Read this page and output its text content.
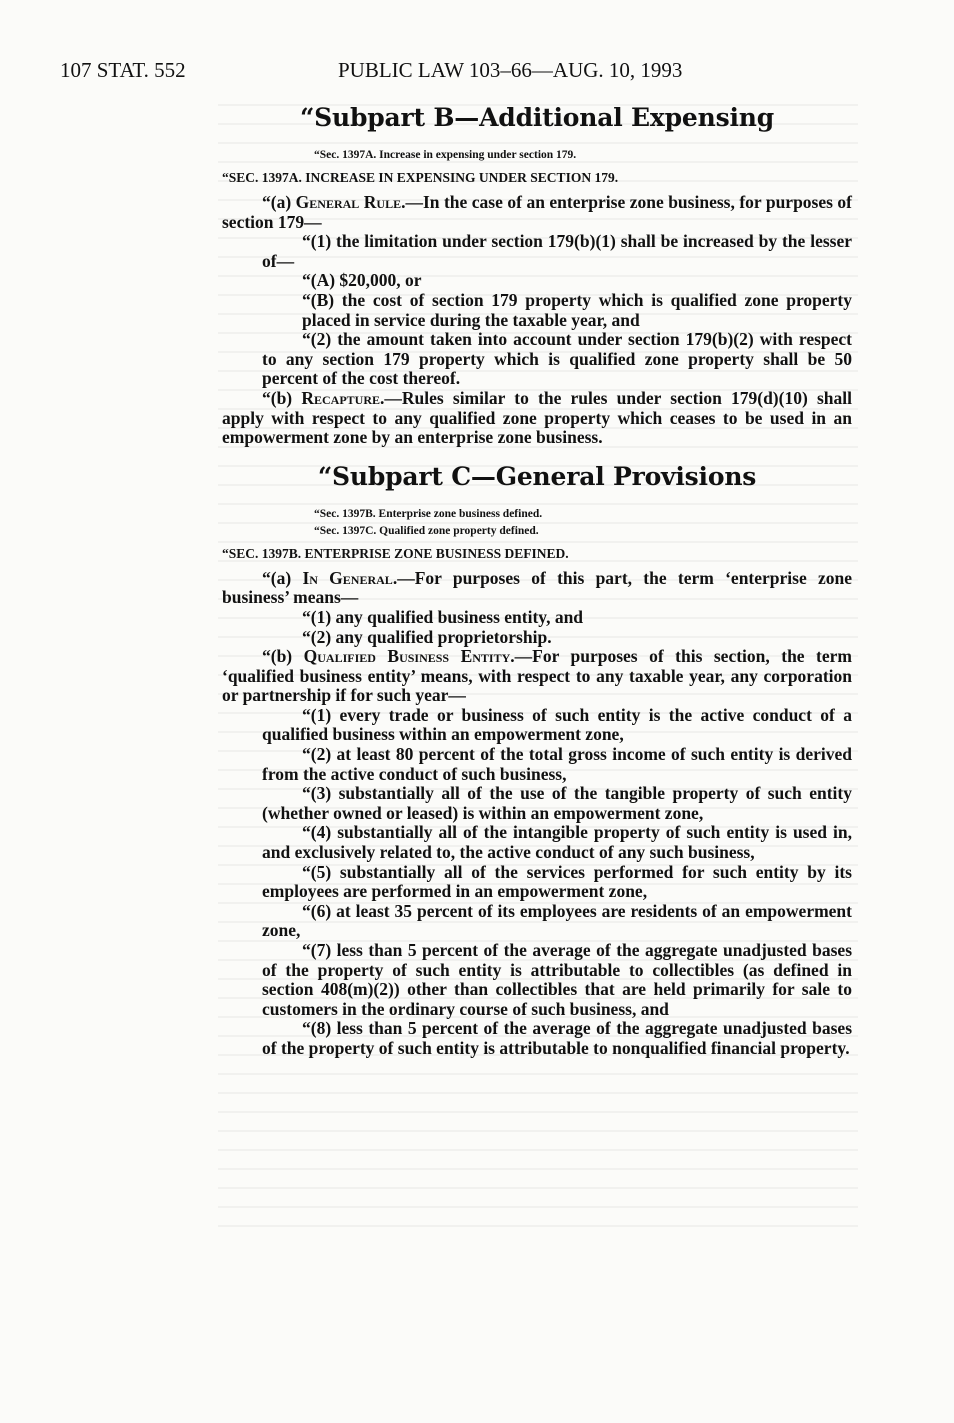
107 STAT. 552	PUBLIC LAW 103–66—AUG. 10, 1993
“Subpart B—Additional Expensing
“Sec. 1397A. Increase in expensing under section 179.
“SEC. 1397A. INCREASE IN EXPENSING UNDER SECTION 179.

“(a) General Rule.—In the case of an enterprise zone business, for purposes of section 179—

“(1) the limitation under section 179(b)(1) shall be increased by the lesser of—

“(A) $20,000, or

“(B) the cost of section 179 property which is qualified zone property placed in service during the taxable year, and

“(2) the amount taken into account under section 179(b)(2) with respect to any section 179 property which is qualified zone property shall be 50 percent of the cost thereof.

“(b) Recapture.—Rules similar to the rules under section 179(d)(10) shall apply with respect to any qualified zone property which ceases to be used in an empowerment zone by an enterprise zone business.

“Subpart C—General Provisions
“Sec. 1397B. Enterprise zone business defined.
“Sec. 1397C. Qualified zone property defined.
“SEC. 1397B. ENTERPRISE ZONE BUSINESS DEFINED.

“(a) In General.—For purposes of this part, the term ‘enterprise zone business’ means—

“(1) any qualified business entity, and

“(2) any qualified proprietorship.

“(b) Qualified Business Entity.—For purposes of this section, the term ‘qualified business entity’ means, with respect to any taxable year, any corporation or partnership if for such year—

“(1) every trade or business of such entity is the active conduct of a qualified business within an empowerment zone,

“(2) at least 80 percent of the total gross income of such entity is derived from the active conduct of such business,

“(3) substantially all of the use of the tangible property of such entity (whether owned or leased) is within an empowerment zone,

“(4) substantially all of the intangible property of such entity is used in, and exclusively related to, the active conduct of any such business,

“(5) substantially all of the services performed for such entity by its employees are performed in an empowerment zone,

“(6) at least 35 percent of its employees are residents of an empowerment zone,

“(7) less than 5 percent of the average of the aggregate unadjusted bases of the property of such entity is attributable to collectibles (as defined in section 408(m)(2)) other than collectibles that are held primarily for sale to customers in the ordinary course of such business, and

“(8) less than 5 percent of the average of the aggregate unadjusted bases of the property of such entity is attributable to nonqualified financial property.
